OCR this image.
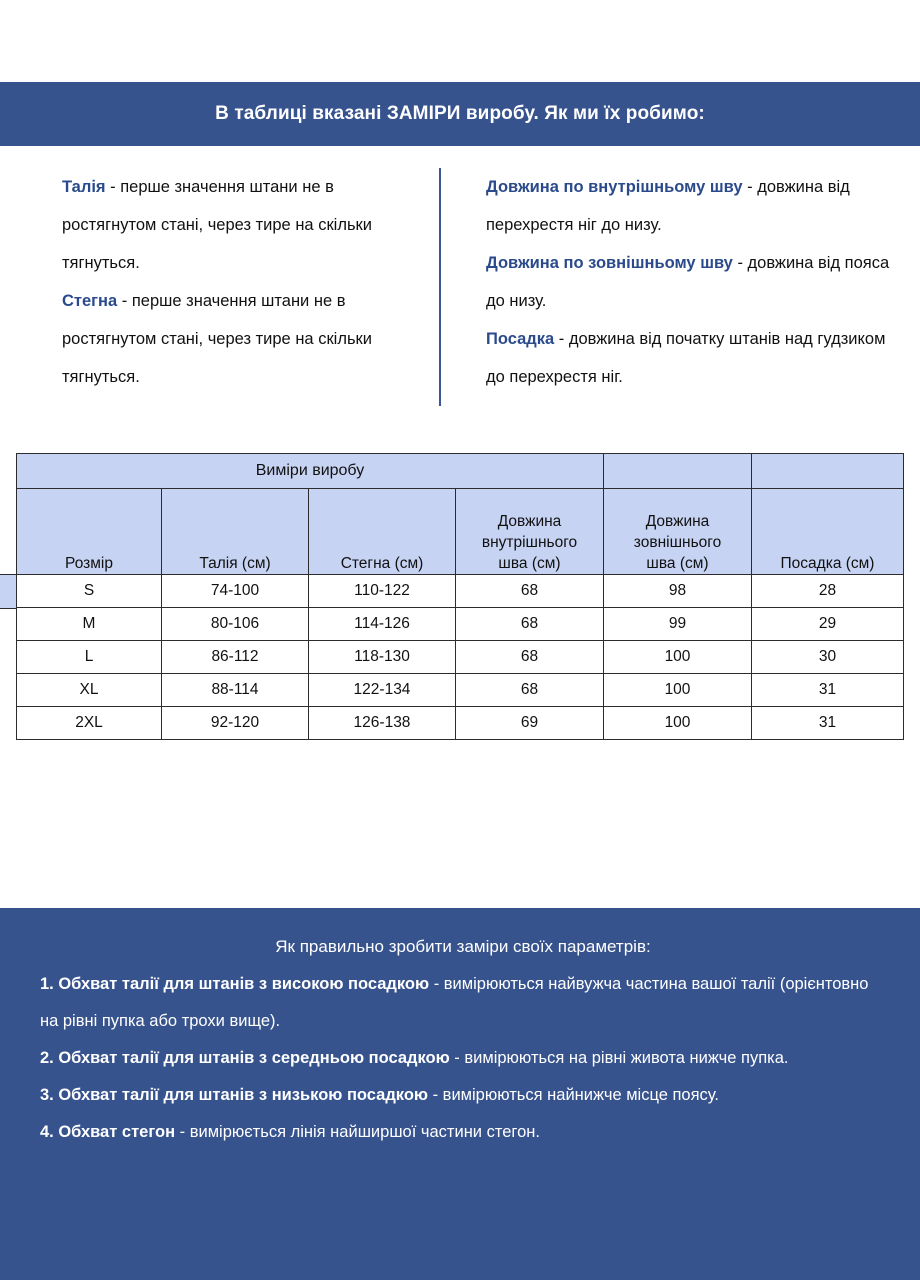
В таблиці вказані ЗАМІРИ виробу. Як ми їх робимо:
Талія - перше значення штани не в ростягнутом стані, через тире на скільки тягнуться.
Стегна - перше значення штани не в ростягнутом стані, через тире на скільки тягнуться.
Довжина по внутрішньому шву - довжина від перехрестя ніг до низу.
Довжина по зовнішньому шву - довжина від пояса до низу.
Посадка - довжина від початку штанів над гудзиком до перехрестя ніг.
Виміри виробу					
Розмір	Талія (см)	Стегна (см)	Довжина
внутрішнього
шва (см)	Довжина
зовнішнього
шва (см)	Посадка (см)
S	74-100	110-122	68	98	28
M	80-106	114-126	68	99	29
L	86-112	118-130	68	100	30
XL	88-114	122-134	68	100	31
2XL	92-120	126-138	69	100	31
Як правильно зробити заміри своїх параметрів:
1. Обхват талії для штанів з високою посадкою - вимірюються найвужча частина вашої талії (орієнтовно на рівні пупка або трохи вище).
2. Обхват талії для штанів з середньою посадкою - вимірюються на рівні живота нижче пупка.
3. Обхват талії для штанів з низькою посадкою - вимірюються найнижче місце поясу.
4. Обхват стегон - вимірюється лінія найширшої частини стегон.
